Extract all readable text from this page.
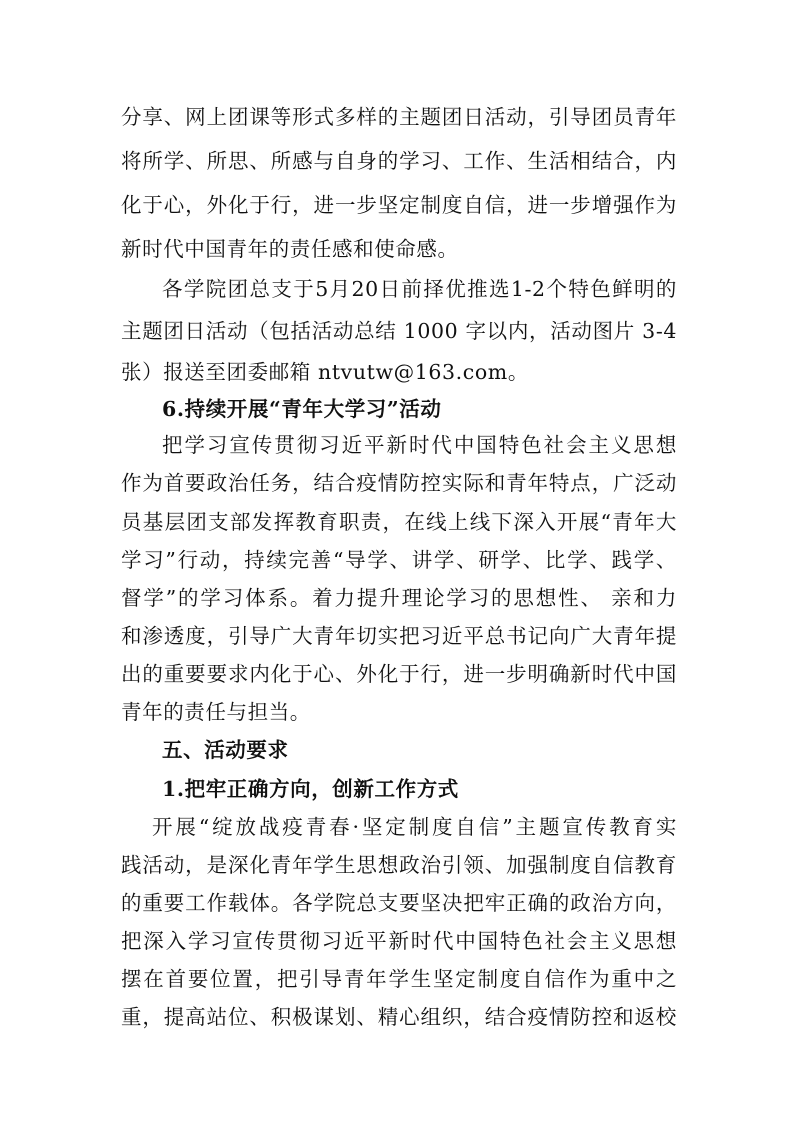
分享、网上团课等形式多样的主题团日活动，引导团员青年
将所学、所思、所感与自身的学习、工作、生活相结合，内
化于心，外化于行，进一步坚定制度自信，进一步增强作为
新时代中国青年的责任感和使命感。
各学院团总支于5月20日前择优推选1-2个特色鲜明的
主题团日活动（包括活动总结 1000 字以内，活动图片 3-4
张）报送至团委邮箱 ntvutw@163.com。
6.持续开展“青年大学习”活动
把学习宣传贯彻习近平新时代中国特色社会主义思想
作为首要政治任务，结合疫情防控实际和青年特点，广泛动
员基层团支部发挥教育职责，在线上线下深入开展“青年大
学习”行动，持续完善“导学、讲学、研学、比学、践学、
督学”的学习体系。着力提升理论学习的思想性、 亲和力
和渗透度，引导广大青年切实把习近平总书记向广大青年提
出的重要要求内化于心、外化于行，进一步明确新时代中国
青年的责任与担当。
五、活动要求
1.把牢正确方向，创新工作方式
开展“绽放战疫青春·坚定制度自信”主题宣传教育实
践活动，是深化青年学生思想政治引领、加强制度自信教育
的重要工作载体。各学院总支要坚决把牢正确的政治方向，
把深入学习宣传贯彻习近平新时代中国特色社会主义思想
摆在首要位置，把引导青年学生坚定制度自信作为重中之
重，提高站位、积极谋划、精心组织，结合疫情防控和返校
